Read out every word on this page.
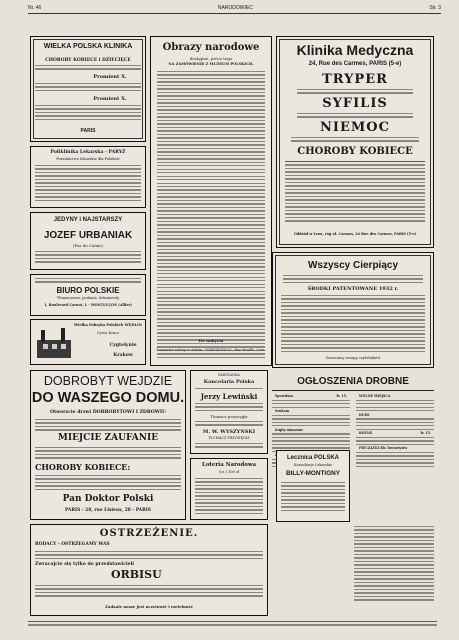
Nr. 46	NARODOWIEC	Str. 3
WIELKA POLSKA KLINIKA
CHOROBY KOBIECE i DZIECIĘCE
Promient X.
Promient X.
PARIS
Obrazy narodowe
dostępne, prócz tego
NA ZAMÓWIENIE Z MUZEUM POLSKICH.
Do nabycia
Zamawiać należy w Admin. "NARODOWCA", Rue Bouille, Lens.
Klinika Medyczna
24, Rue des Carmes, PARIS (5-e)
TRYPER
SYFILIS
NIEMOC
CHOROBY KOBIECE
Oddział w Lens, róg ul. Carmes, 24 Rue des Carmes, PARIS (5-e)
Poliklinika Lekarska - PARYŻ
Poradnictwo lekarskie dla Polaków
JEDYNY i NAJSTARSZY
JOZEF URBANIAK
(Pas de Calais)
BIURO POLSKIE
Tłumaczenia, podania, dokumenty
1, Boulevard Carnot, L - MONTLUÇON (Allier)
Wielka Fabryka Polskich WĘDLIN
Cyrus Kracz
Cygtelynie
Krakow
Wszyscy Cierpiący
ŚRODKI PATENTOWANE 1932 r.
Zwracamy uwagę czytelników
DOBROBYT WEJDZIE
DO WASZEGO DOMU.
Otworzcie drzwi DOBROBYTOWI I ZDROWIU
MIEJCIE ZAUFANIE
CHOROBY KOBIECE:
Pan Doktor Polski
PARIS - 28, rue Lisieux, 28 - PARIS
PARYŻANKA
Kancelaria Polska
Jerzy Lewiński
Tłumacz przysięgły
M. W. WYSZYŃSKI
TŁUMACZ PRZYSIĘGŁY
Loteria Narodowa
(cz.) 100 zł
OGŁOSZENIA DROBNE
Sprzedam.	fr. 15.
Szukam
Kupię mięszane
WOLNE MIEJSCA
KURS
RÓŻNE.	fr. 15.
PIECZĄTKI dla Towarzystw
Lecznica POLSKA
Konsultacje Lekarskie
BILLY-MONTIGNY
OSTRZEŻENIE.
RODACY - OSTRZEGAMY WAS
Zwracajcie się tylko do przedstawicieli
ORBISU
Zadanie nasze jest uczciwość i rzetelność
